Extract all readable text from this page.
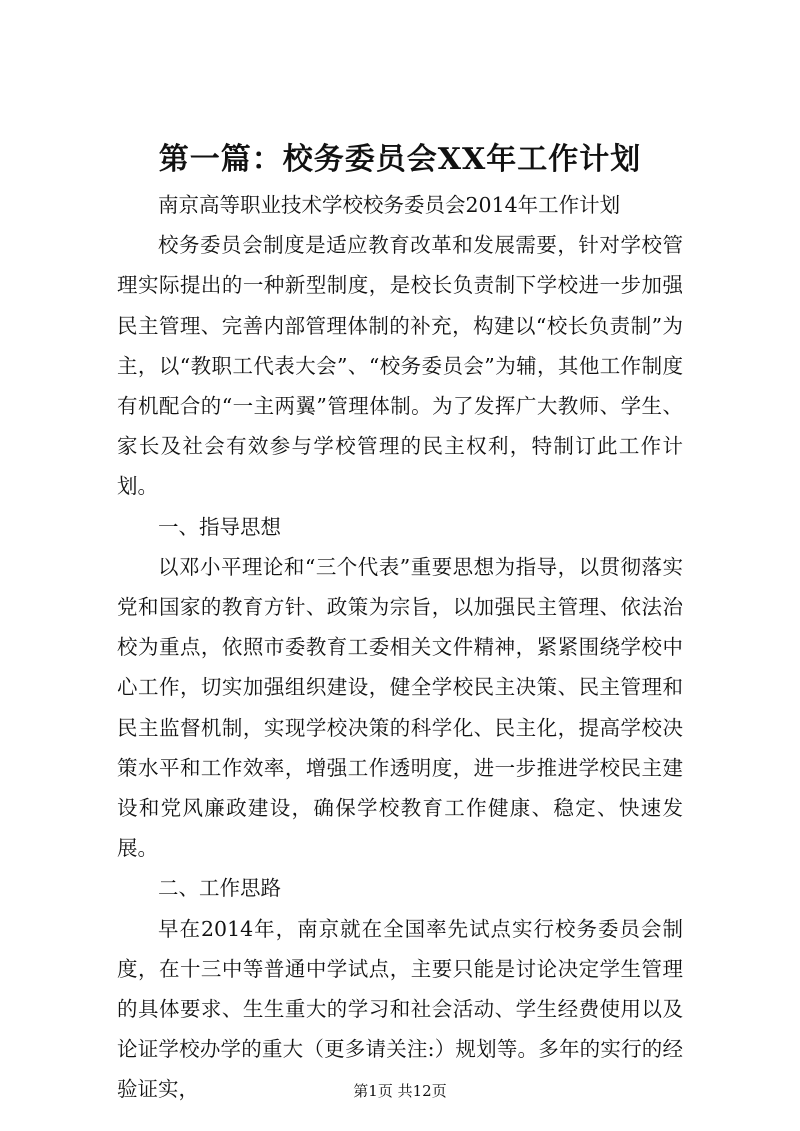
第一篇：校务委员会XX年工作计划

南京高等职业技术学校校务委员会2014年工作计划

校务委员会制度是适应教育改革和发展需要，针对学校管理实际提出的一种新型制度，是校长负责制下学校进一步加强民主管理、完善内部管理体制的补充，构建以“校长负责制”为主，以“教职工代表大会”、“校务委员会”为辅，其他工作制度有机配合的“一主两翼”管理体制。为了发挥广大教师、学生、家长及社会有效参与学校管理的民主权利，特制订此工作计划。

一、指导思想

以邓小平理论和“三个代表”重要思想为指导，以贯彻落实党和国家的教育方针、政策为宗旨，以加强民主管理、依法治校为重点，依照市委教育工委相关文件精神，紧紧围绕学校中心工作，切实加强组织建设，健全学校民主决策、民主管理和民主监督机制，实现学校决策的科学化、民主化，提高学校决策水平和工作效率，增强工作透明度，进一步推进学校民主建设和党风廉政建设，确保学校教育工作健康、稳定、快速发展。

二、工作思路

早在2014年，南京就在全国率先试点实行校务委员会制度，在十三中等普通中学试点，主要只能是讨论决定学生管理的具体要求、生生重大的学习和社会活动、学生经费使用以及论证学校办学的重大（更多请关注:）规划等。多年的实行的经验证实，	第1页 共12页
